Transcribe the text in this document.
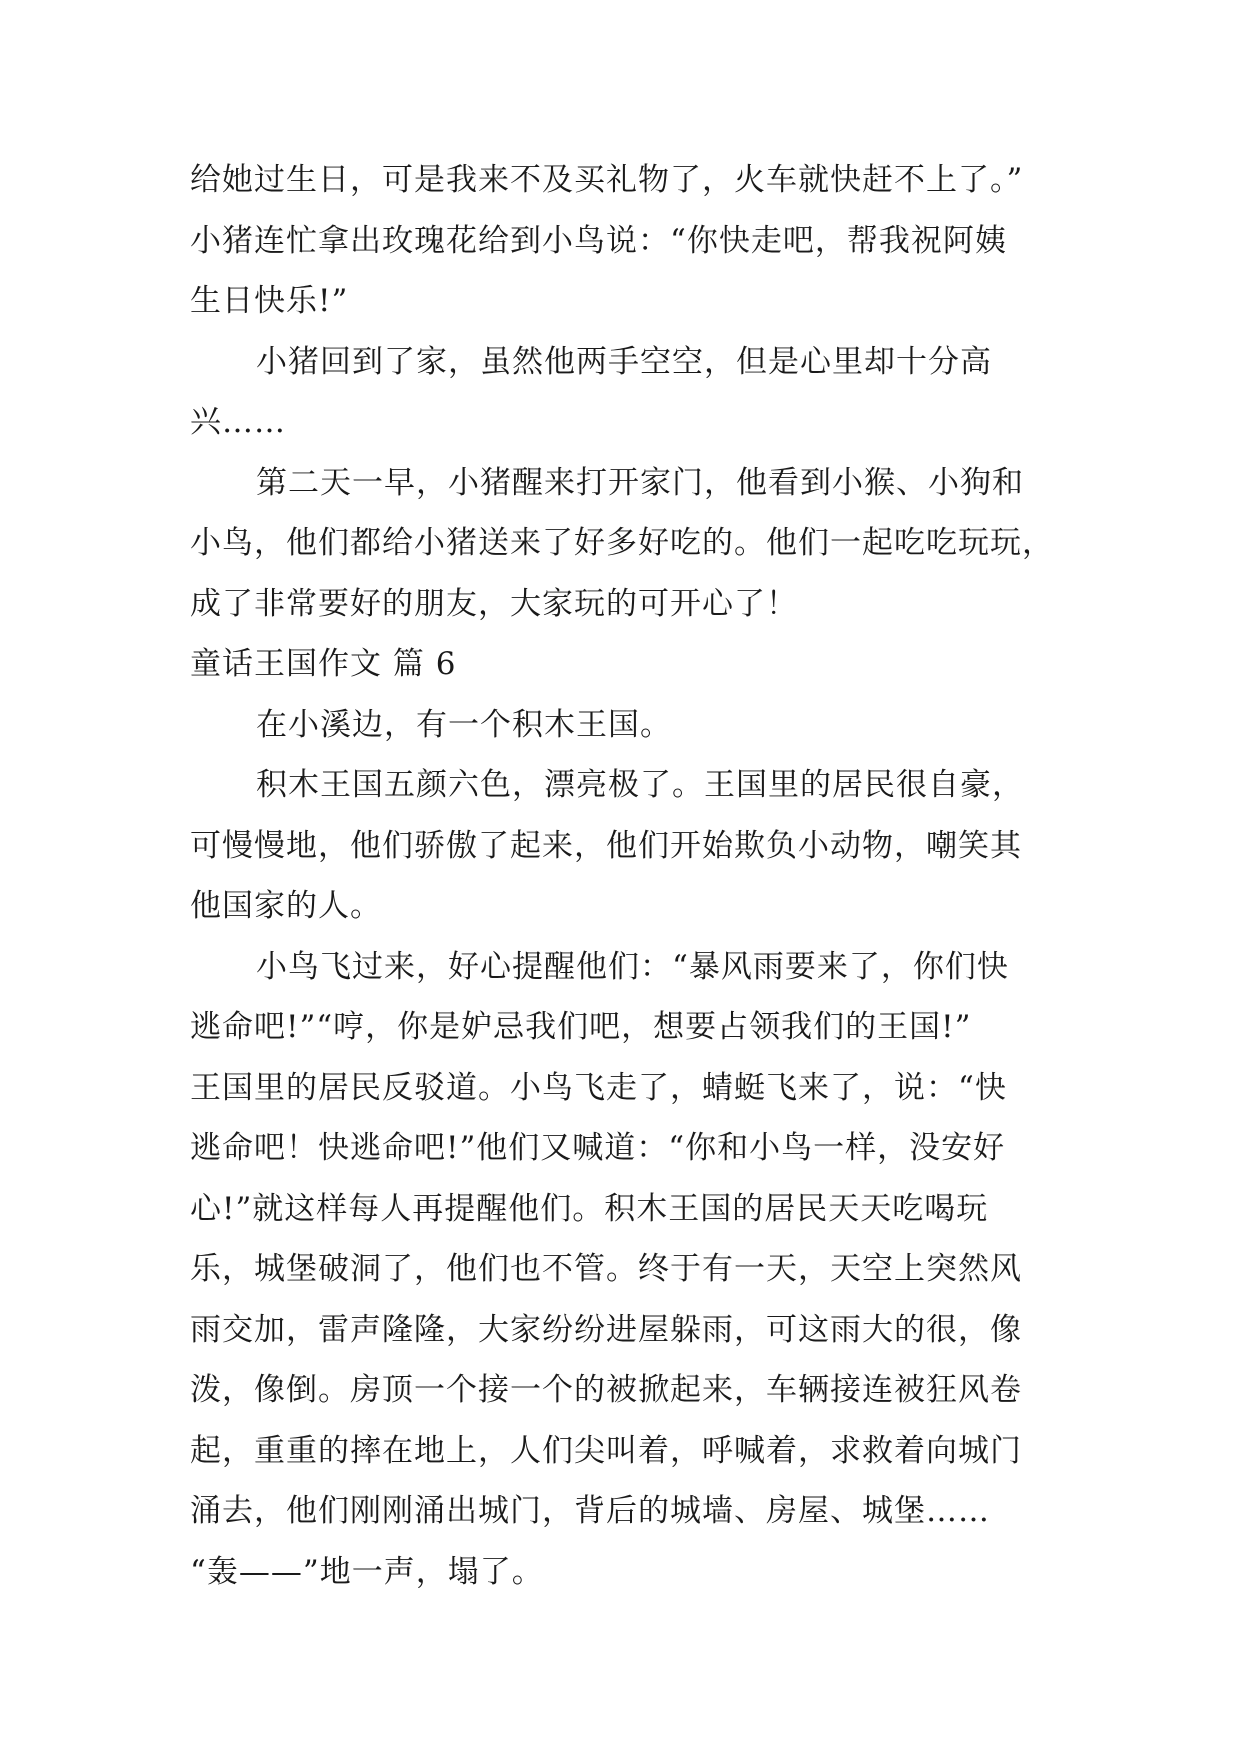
给她过生日，可是我来不及买礼物了，火车就快赶不上了。”
小猪连忙拿出玫瑰花给到小鸟说：“你快走吧，帮我祝阿姨
生日快乐!”
小猪回到了家，虽然他两手空空，但是心里却十分高
兴……
第二天一早，小猪醒来打开家门，他看到小猴、小狗和
小鸟，他们都给小猪送来了好多好吃的。他们一起吃吃玩玩，
成了非常要好的朋友，大家玩的可开心了！
童话王国作文 篇 6
在小溪边，有一个积木王国。
积木王国五颜六色，漂亮极了。王国里的居民很自豪，
可慢慢地，他们骄傲了起来，他们开始欺负小动物，嘲笑其
他国家的人。
小鸟飞过来，好心提醒他们：“暴风雨要来了，你们快
逃命吧!”“哼，你是妒忌我们吧，想要占领我们的王国!”
王国里的居民反驳道。小鸟飞走了，蜻蜓飞来了，说：“快
逃命吧！快逃命吧!”他们又喊道：“你和小鸟一样，没安好
心!”就这样每人再提醒他们。积木王国的居民天天吃喝玩
乐，城堡破洞了，他们也不管。终于有一天，天空上突然风
雨交加，雷声隆隆，大家纷纷进屋躲雨，可这雨大的很，像
泼，像倒。房顶一个接一个的被掀起来，车辆接连被狂风卷
起，重重的摔在地上，人们尖叫着，呼喊着，求救着向城门
涌去，他们刚刚涌出城门，背后的城墙、房屋、城堡……
“轰——”地一声，塌了。
